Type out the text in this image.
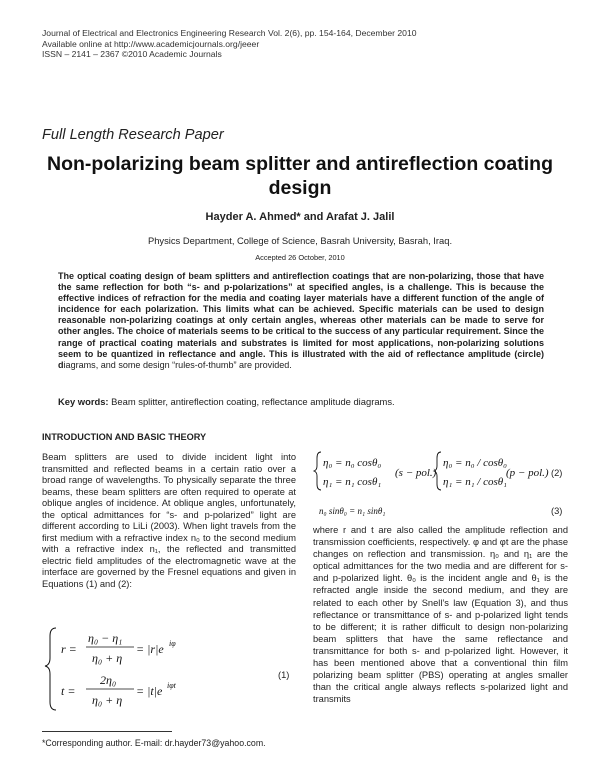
Journal of Electrical and Electronics Engineering Research Vol. 2(6), pp. 154-164, December 2010
Available online at http://www.academicjournals.org/jeeer
ISSN – 2141 – 2367 ©2010 Academic Journals
Full Length Research Paper
Non-polarizing beam splitter and antireflection coating design
Hayder A. Ahmed* and Arafat J. Jalil
Physics Department, College of Science, Basrah University, Basrah, Iraq.
Accepted 26 October, 2010
The optical coating design of beam splitters and antireflection coatings that are non-polarizing, those that have the same reflection for both “s- and p-polarizations” at specified angles, is a challenge. This is because the effective indices of refraction for the media and coating layer materials have a different function of the angle of incidence for each polarization. This limits what can be achieved. Specific materials can be used to design reasonable non-polarizing coatings at only certain angles, whereas other materials can be made to serve for other angles. The choice of materials seems to be critical to the success of any particular requirement. Since the range of practical coating materials and substrates is limited for most applications, non-polarizing solutions seem to be quantized in reflectance and angle. This is illustrated with the aid of reflectance amplitude (circle) diagrams, and some design “rules-of-thumb” are provided.
Key words: Beam splitter, antireflection coating, reflectance amplitude diagrams.
INTRODUCTION AND BASIC THEORY
Beam splitters are used to divide incident light into transmitted and reflected beams in a certain ratio over a broad range of wavelengths. To physically separate the three beams, these beam splitters are often required to operate at oblique angles of incidence. At oblique angles, unfortunately, the optical admittances for “s- and p-polarized” light are different according to LiLi (2003). When light travels from the first medium with a refractive index n₀ to the second medium with a refractive index n₁, the reflected and transmitted electric field amplitudes of the electromagnetic wave at the interface are governed by the Fresnel equations and given in Equations (1) and (2):
r =
η₀ − η₁
η₀ + η
= |r|e iφ
t =
2η₀
η₀ + η
= |t|e iφt
(1)
η₀ = n₀ cosθ₀
η₁ = n₁ cosθ₁
(s − pol.)
η₀ = n₀ / cosθ₀
η₁ = n₁ / cosθ₁
(p − pol.) (2)
n₀ sinθ₀ = n₁ sinθ₁	(3)
where r and t are also called the amplitude reflection and transmission coefficients, respectively. φ and φt are the phase changes on reflection and transmission. η₀ and η₁ are the optical admittances for the two media and are different for s- and p-polarized light. θ₀ is the incident angle and θ₁ is the refracted angle inside the second medium, and they are related to each other by Snell’s law (Equation 3), and thus reflectance or transmittance of s- and p-polarized light tends to be different; it is rather difficult to design non-polarizing beam splitters that have the same reflectance and transmittance for both s- and p-polarized light. However, it has been mentioned above that a conventional thin film polarizing beam splitter (PBS) operating at angles smaller than the critical angle always reflects s-polarized light and transmits
*Corresponding author. E-mail: dr.hayder73@yahoo.com.
